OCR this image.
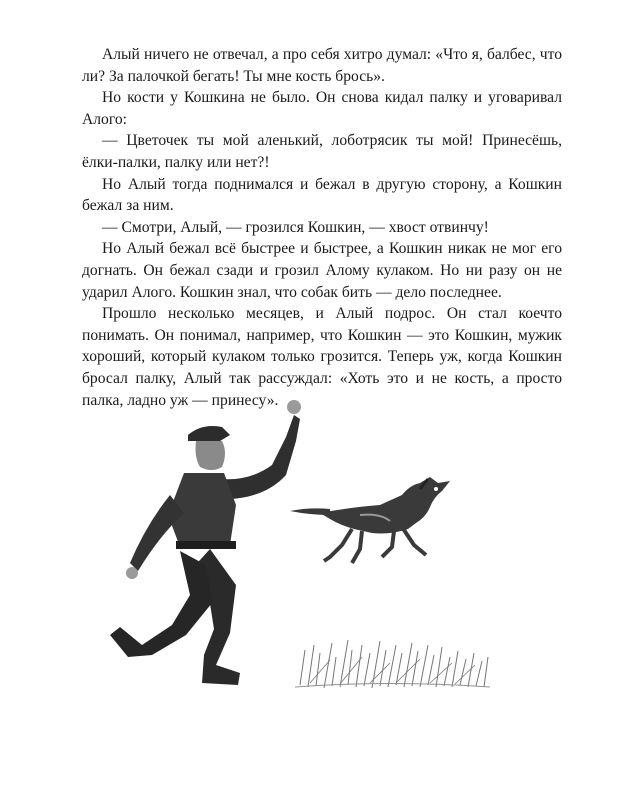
Алый ничего не отвечал, а про себя хитро думал: «Что я, балбес, что ли? За палочкой бегать! Ты мне кость брось».

Но кости у Кошкина не было. Он снова кидал палку и уговаривал Алого:

— Цветочек ты мой аленький, лоботрясик ты мой! Принесёшь, ёлки-палки, палку или нет?!

Но Алый тогда поднимался и бежал в другую сторону, а Кошкин бежал за ним.

— Смотри, Алый, — грозился Кошкин, — хвост отвинчу!

Но Алый бежал всё быстрее и быстрее, а Кошкин никак не мог его догнать. Он бежал сзади и грозил Алому кулаком. Но ни разу он не ударил Алого. Кошкин знал, что собак бить — дело последнее.

Прошло несколько месяцев, и Алый подрос. Он стал коечто понимать. Он понимал, например, что Кошкин — это Кошкин, мужик хороший, который кулаком только грозится. Теперь уж, когда Кошкин бросал палку, Алый так рассуждал: «Хоть это и не кость, а просто палка, ладно уж — принесу».
